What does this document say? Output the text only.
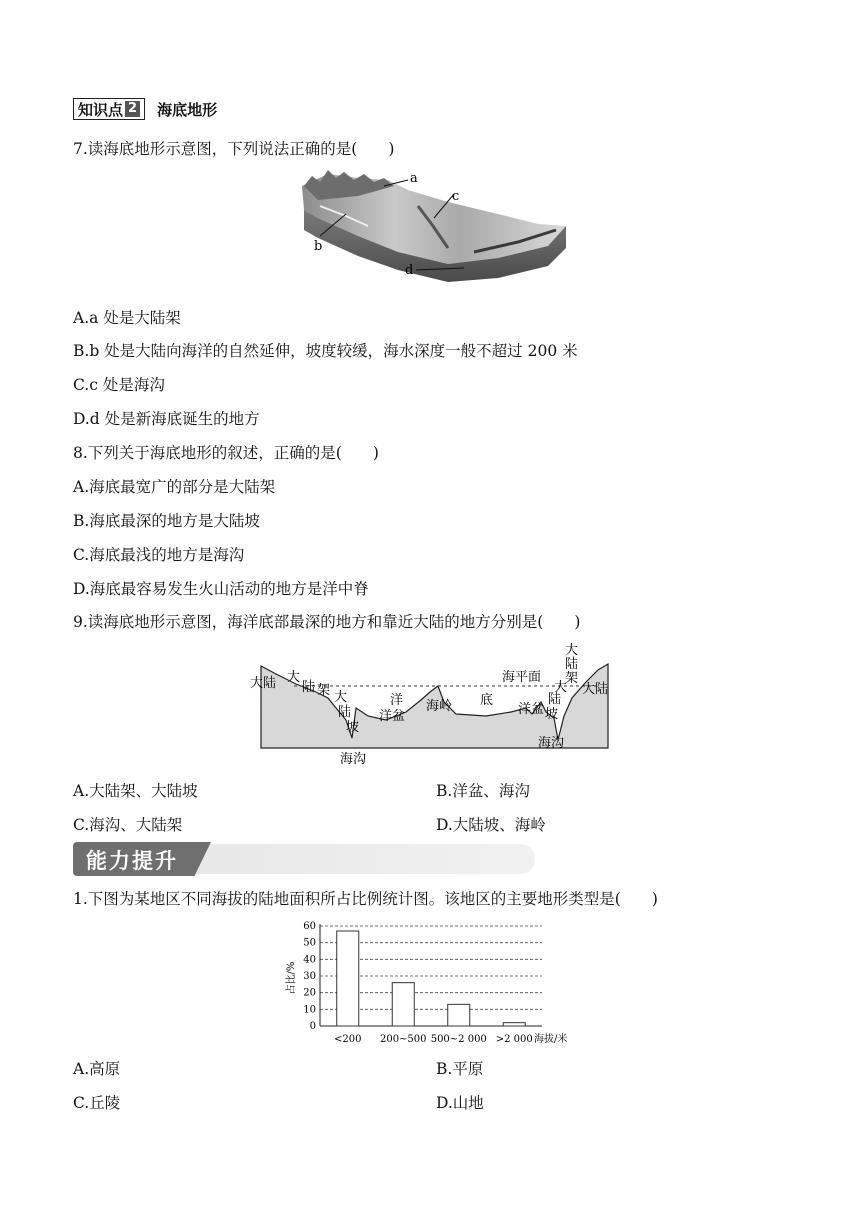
知识点 2 海底地形
7.读海底地形示意图，下列说法正确的是(　　)
a
c
b
d
A.a 处是大陆架
B.b 处是大陆向海洋的自然延伸，坡度较缓，海水深度一般不超过 200 米
C.c 处是海沟
D.d 处是新海底诞生的地方
8.下列关于海底地形的叙述，正确的是(　　)
A.海底最宽广的部分是大陆架
B.海底最深的地方是大陆坡
C.海底最浅的地方是海沟
D.海底最容易发生火山活动的地方是洋中脊
9.读海底地形示意图，海洋底部最深的地方和靠近大陆的地方分别是(　　)
大陆 大
陆 架 大
陆
坡
海沟
洋
洋盆
海岭 底
海平面
洋盆
大
陆
坡
大
陆
架
大陆
海沟
A.大陆架、大陆坡	B.洋盆、海沟
C.海沟、大陆架	D.大陆坡、海岭
能力提升
1.下图为某地区不同海拔的陆地面积所占比例统计图。该地区的主要地形类型是(　　)
0
10
20
30
40
50
60
<200 200~500 500~2 000 >2 000
占比/%
海拔/米
A.高原	B.平原
C.丘陵	D.山地
